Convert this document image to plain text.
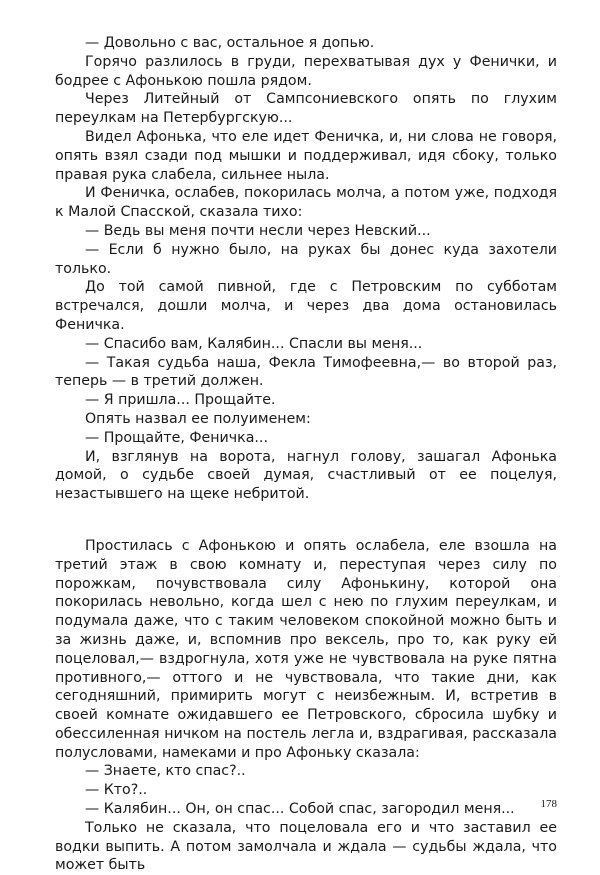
— Довольно с вас, остальное я допью.

Горячо разлилось в груди, перехватывая дух у Фенички, и бодрее с Афонькою пошла рядом.

Через Литейный от Сампсониевского опять по глухим переулкам на Петербургскую...

Видел Афонька, что еле идет Феничка, и, ни слова не говоря, опять взял сзади под мышки и поддерживал, идя сбоку, только правая рука слабела, сильнее ныла.

И Феничка, ослабев, покорилась молча, а потом уже, подходя к Малой Спасской, сказала тихо:

— Ведь вы меня почти несли через Невский...

— Если б нужно было, на руках бы донес куда захотели только.

До той самой пивной, где с Петровским по субботам встречался, дошли молча, и через два дома остановилась Феничка.

— Спасибо вам, Калябин... Спасли вы меня...

— Такая судьба наша, Фекла Тимофеевна,— во второй раз, теперь — в третий должен.

— Я пришла... Прощайте.

Опять назвал ее полуименем:

— Прощайте, Феничка...

И, взглянув на ворота, нагнул голову, зашагал Афонька домой, о судьбе своей думая, счастливый от ее поцелуя, незастывшего на щеке небритой.

Простилась с Афонькою и опять ослабела, еле взошла на третий этаж в свою комнату и, переступая через силу по порожкам, почувствовала силу Афонькину, которой она покорилась невольно, когда шел с нею по глухим переулкам, и подумала даже, что с таким человеком спокойной можно быть и за жизнь даже, и, вспомнив про вексель, про то, как руку ей поцеловал,— вздрогнула, хотя уже не чувствовала на руке пятна противного,— оттого и не чувствовала, что такие дни, как сегодняшний, примирить могут с неизбежным. И, встретив в своей комнате ожидавшего ее Петровского, сбросила шубку и обессиленная ничком на постель легла и, вздрагивая, рассказала полусловами, намеками и про Афоньку сказала:

— Знаете, кто спас?..

— Кто?..

— Калябин... Он, он спас... Собой спас, загородил меня...

Только не сказала, что поцеловала его и что заставил ее водки выпить. А потом замолчала и ждала — судьбы ждала, что может быть

178
